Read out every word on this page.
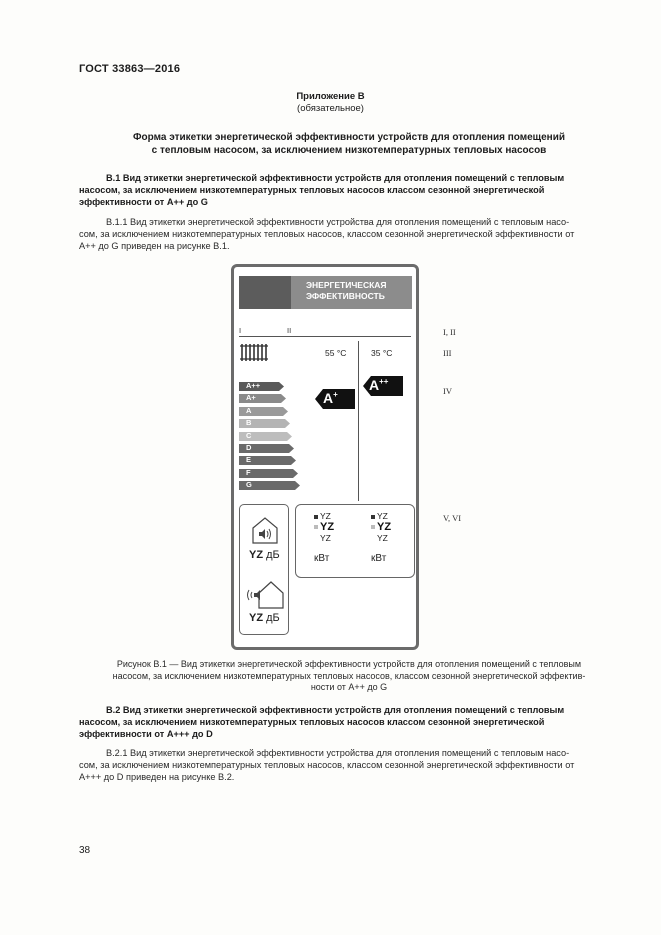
ГОСТ 33863—2016
Приложение В
(обязательное)
Форма этикетки энергетической эффективности устройств для отопления помещений
с тепловым насосом, за исключением низкотемпературных тепловых насосов
В.1 Вид этикетки энергетической эффективности устройств для отопления помещений с тепловым
насосом, за исключением низкотемпературных тепловых насосов классом сезонной энергетической
эффективности от А++ до G
В.1.1 Вид этикетки энергетической эффективности устройства для отопления помещений с тепловым насо-
сом, за исключением низкотемпературных тепловых насосов, классом сезонной энергетической эффективности от
А++ до G приведен на рисунке В.1.
ЭНЕРГЕТИЧЕСКАЯ
ЭФФЕКТИВНОСТЬ
I	II
55 °C	35 °C
A++
A+
A
B
C
D
E
F
G
A+
A++
YZ дБ
YZ дБ
YZ
YZ
YZ
кВт
YZ
YZ
YZ
кВт
I, II
III
IV
V, VI
Рисунок В.1 — Вид этикетки энергетической эффективности устройств для отопления помещений с тепловым
насосом, за исключением низкотемпературных тепловых насосов, классом сезонной энергетической эффектив-
ности от А++ до G
В.2 Вид этикетки энергетической эффективности устройств для отопления помещений с тепловым
насосом, за исключением низкотемпературных тепловых насосов классом сезонной энергетической
эффективности от А+++ до D
В.2.1 Вид этикетки энергетической эффективности устройства для отопления помещений с тепловым насо-
сом, за исключением низкотемпературных тепловых насосов, классом сезонной энергетической эффективности от
А+++ до D приведен на рисунке В.2.
38
